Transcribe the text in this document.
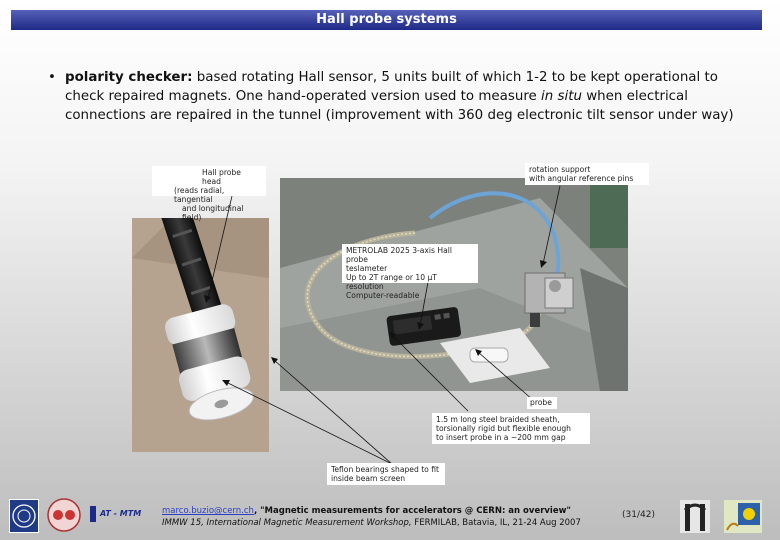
Hall probe systems
• polarity checker: based rotating Hall sensor, 5 units built of which 1-2 to be kept operational to check repaired magnets. One hand-operated version used to measure in situ when electrical connections are repaired in the tunnel (improvement with 360 deg electronic tilt sensor under way)
Hall probe head
(reads radial, tangential
and longitudinal field)
rotation support
with angular reference pins
METROLAB 2025 3-axis Hall probe
teslameter
Up to 2T range or 10 μT resolution
Computer-readable
probe
1.5 m long steel braided sheath,
torsionally rigid but flexible enough
to insert probe in a ~200 mm gap
Teflon bearings shaped to fit
inside beam screen
AT - MTM	marco.buzio@cern.ch, "Magnetic measurements for accelerators @ CERN: an overview"
IMMW 15, International Magnetic Measurement Workshop, FERMILAB, Batavia, IL, 21-24 Aug 2007
(31/42)
